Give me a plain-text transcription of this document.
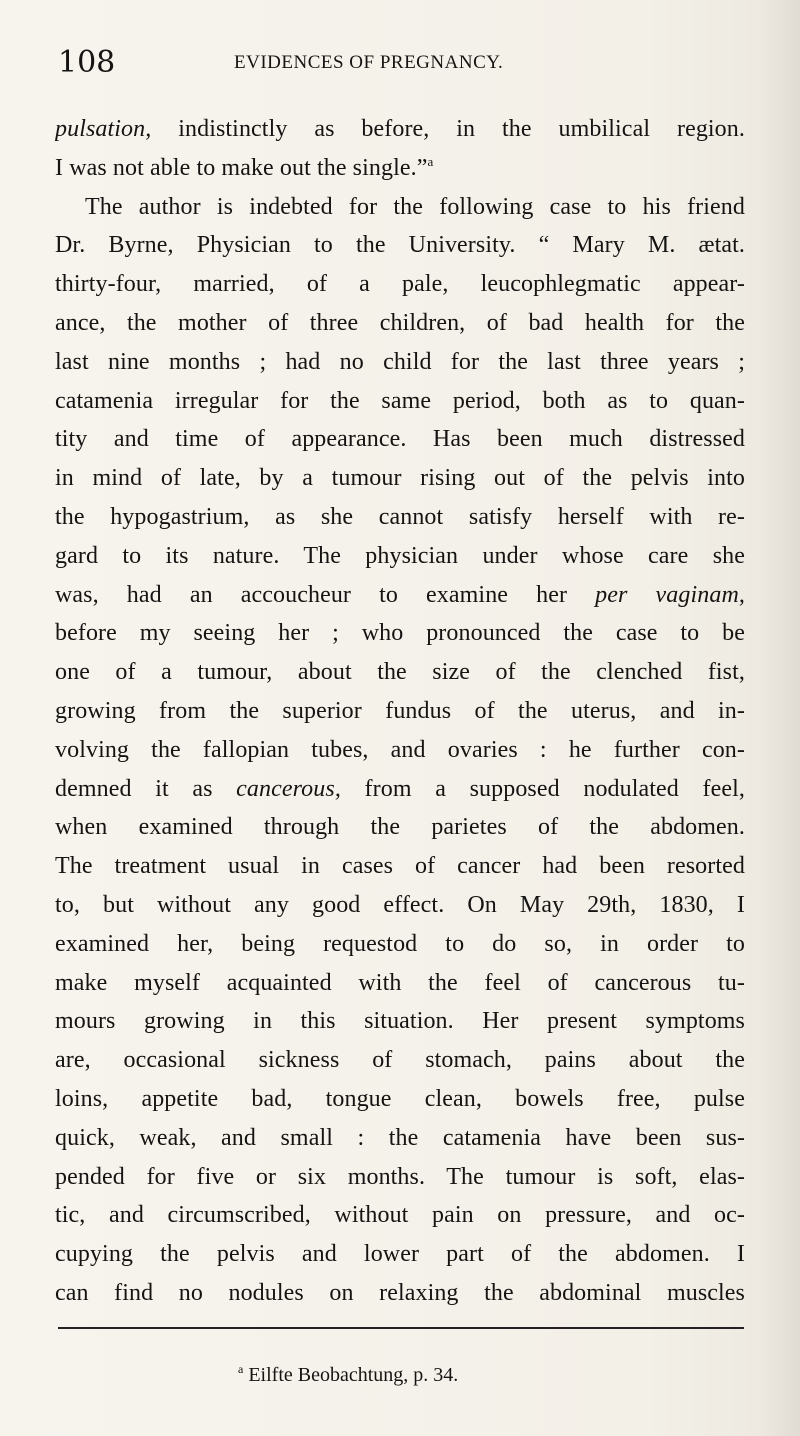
108	EVIDENCES OF PREGNANCY.
pulsation, indistinctly as before, in the umbilical region.
I was not able to make out the single.”$^a$
The author is indebted for the following case to his friend
Dr. Byrne, Physician to the University. “ Mary M. ætat.
thirty-four, married, of a pale, leucophlegmatic appear-
ance, the mother of three children, of bad health for the
last nine months ; had no child for the last three years ;
catamenia irregular for the same period, both as to quan-
tity and time of appearance. Has been much distressed
in mind of late, by a tumour rising out of the pelvis into
the hypogastrium, as she cannot satisfy herself with re-
gard to its nature. The physician under whose care she
was, had an accoucheur to examine her per vaginam,
before my seeing her ; who pronounced the case to be
one of a tumour, about the size of the clenched fist,
growing from the superior fundus of the uterus, and in-
volving the fallopian tubes, and ovaries : he further con-
demned it as cancerous, from a supposed nodulated feel,
when examined through the parietes of the abdomen.
The treatment usual in cases of cancer had been resorted
to, but without any good effect. On May 29th, 1830, I
examined her, being requestod to do so, in order to
make myself acquainted with the feel of cancerous tu-
mours growing in this situation. Her present symptoms
are, occasional sickness of stomach, pains about the
loins, appetite bad, tongue clean, bowels free, pulse
quick, weak, and small : the catamenia have been sus-
pended for five or six months. The tumour is soft, elas-
tic, and circumscribed, without pain on pressure, and oc-
cupying the pelvis and lower part of the abdomen. I
can find no nodules on relaxing the abdominal muscles
$^a$ Eilfte Beobachtung, p. 34.
